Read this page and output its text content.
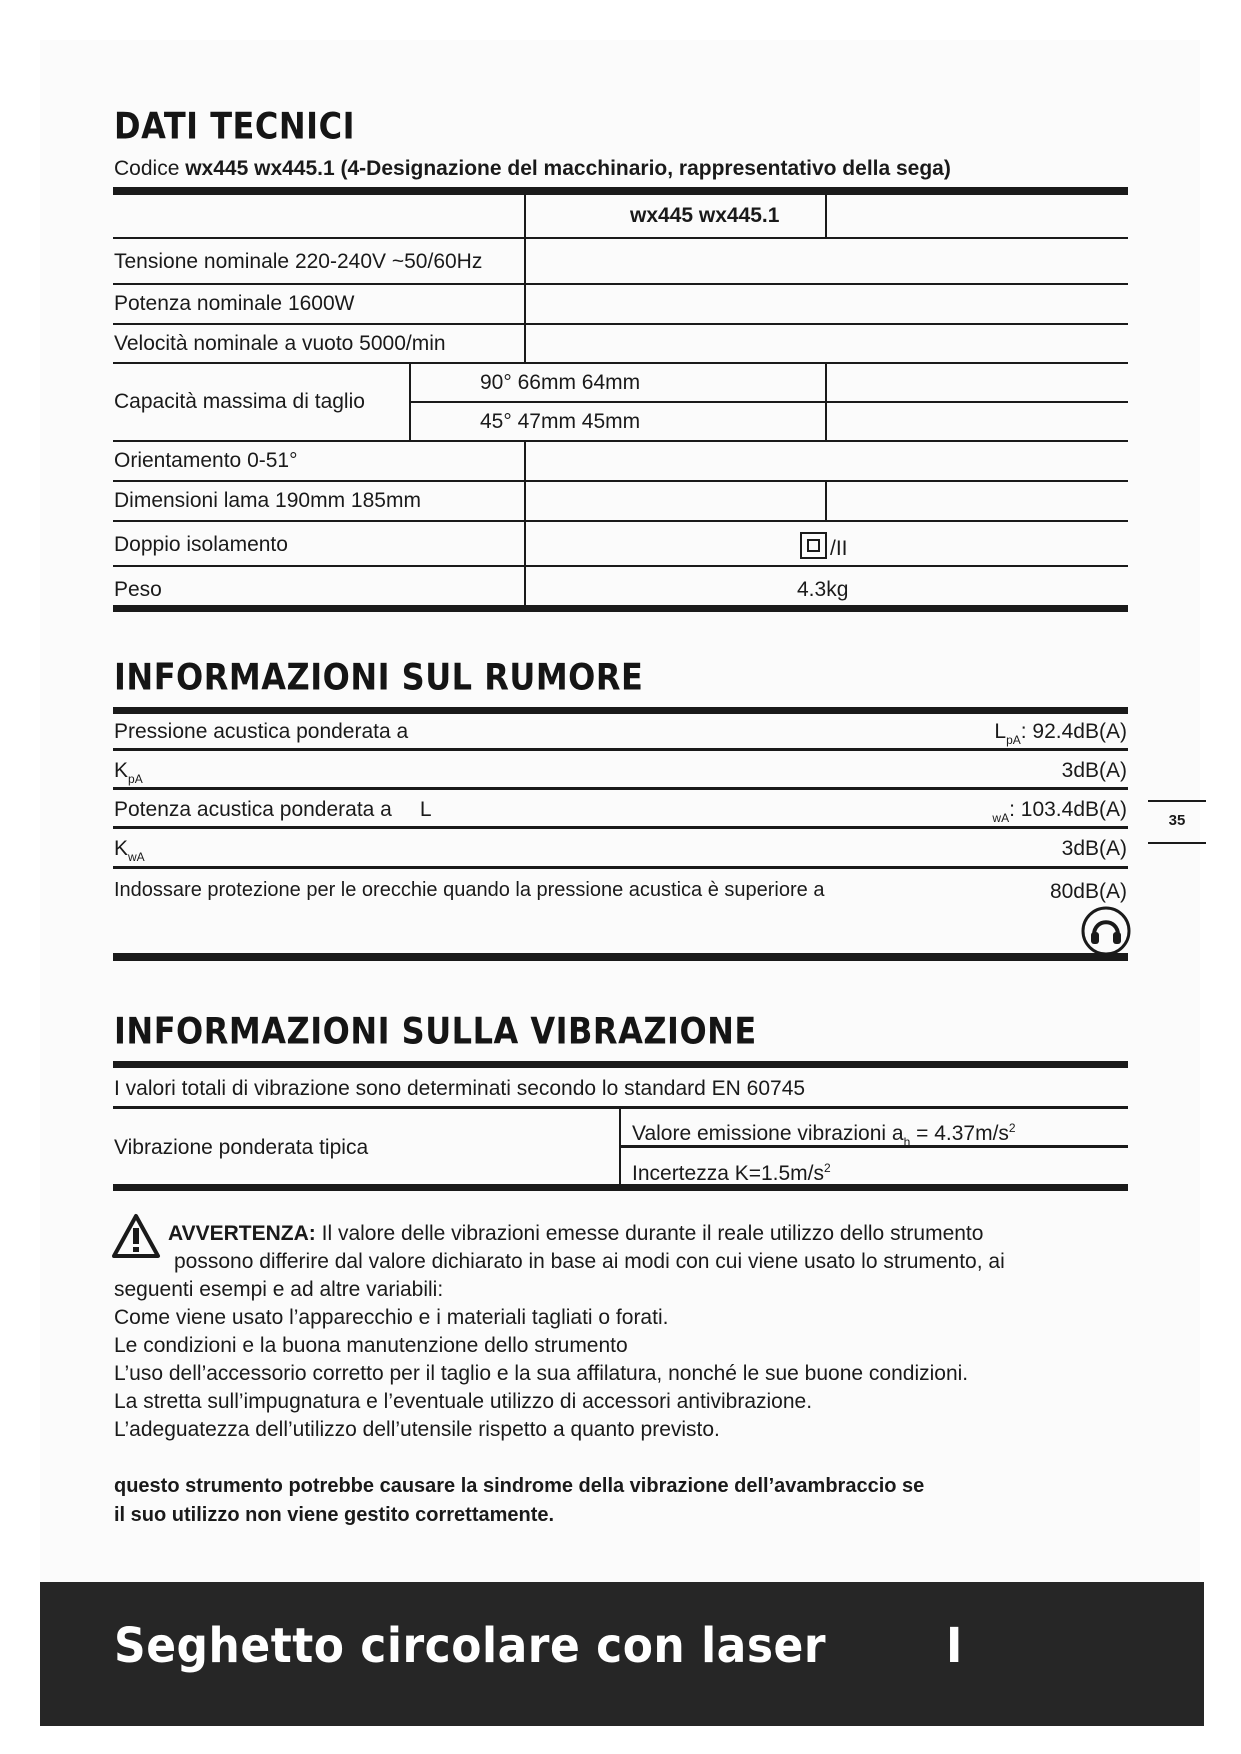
DATI TECNICI
Codice wx445 wx445.1 (4-Designazione del macchinario, rappresentativo della sega)
wx445 wx445.1
Tensione nominale 220-240V ~50/60Hz
Potenza nominale 1600W
Velocità nominale a vuoto 5000/min
Capacità massima di taglio
90° 66mm 64mm
45° 47mm 45mm
Orientamento 0-51°
Dimensioni lama 190mm 185mm
Doppio isolamento	/II
Peso	4.3kg
INFORMAZIONI SUL RUMORE
Pressione acustica ponderata a	$L_{pA}$: 92.4dB(A)
$K_{pA}$	3dB(A)
Potenza acustica ponderata a L	$_{wA}$: 103.4dB(A)
$K_{wA}$	3dB(A)
Indossare protezione per le orecchie quando la pressione acustica è superiore a	80dB(A)
35
INFORMAZIONI SULLA VIBRAZIONE
I valori totali di vibrazione sono determinati secondo lo standard EN 60745
Vibrazione ponderata tipica
Valore emissione vibrazioni $a_h = 4.37m/s^2$
Incertezza $K=1.5m/s^2$
AVVERTENZA: Il valore delle vibrazioni emesse durante il reale utilizzo dello strumento
possono differire dal valore dichiarato in base ai modi con cui viene usato lo strumento, ai
seguenti esempi e ad altre variabili:
Come viene usato l’apparecchio e i materiali tagliati o forati.
Le condizioni e la buona manutenzione dello strumento
L’uso dell’accessorio corretto per il taglio e la sua affilatura, nonché le sue buone condizioni.
La stretta sull’impugnatura e l’eventuale utilizzo di accessori antivibrazione.
L’adeguatezza dell’utilizzo dell’utensile rispetto a quanto previsto.
questo strumento potrebbe causare la sindrome della vibrazione dell’avambraccio se
il suo utilizzo non viene gestito correttamente.
Seghetto circolare con laser	I
